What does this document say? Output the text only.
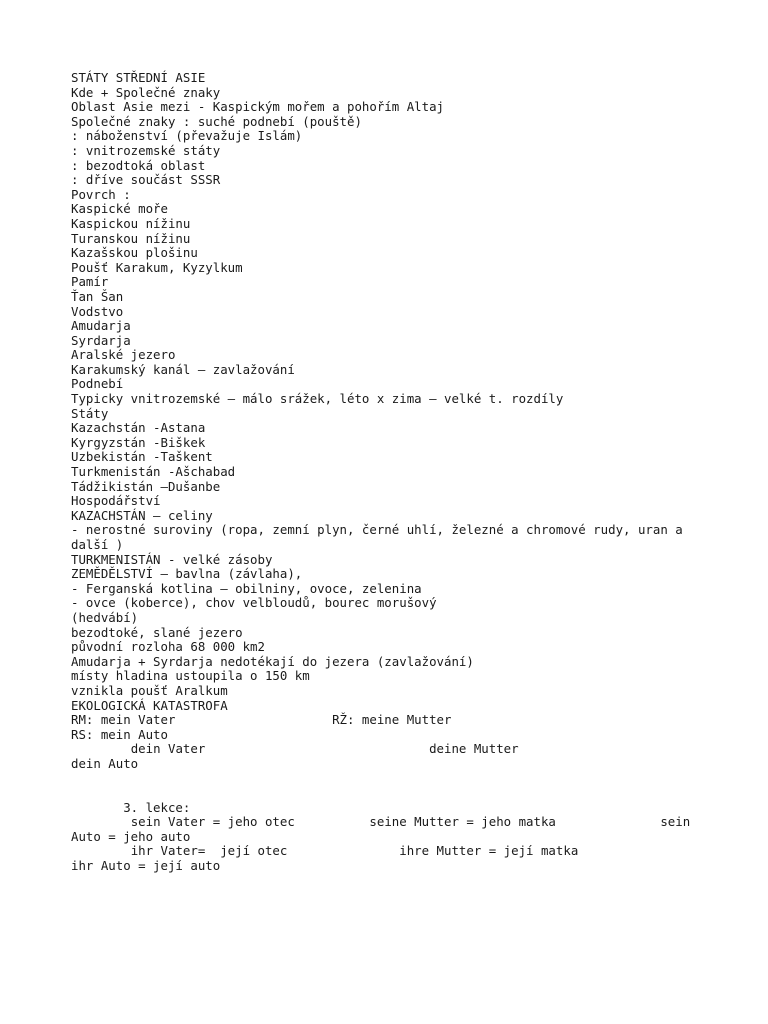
STÁTY STŘEDNÍ ASIE
Kde + Společné znaky
Oblast Asie mezi - Kaspickým mořem a pohořím Altaj
Společné znaky : suché podnebí (pouště)
: náboženství (převažuje Islám)
: vnitrozemské státy
: bezodtoká oblast
: dříve součást SSSR
Povrch :
Kaspické moře
Kaspickou nížinu
Turanskou nížinu
Kazašskou plošinu
Poušť Karakum, Kyzylkum
Pamír
Ťan Šan
Vodstvo
Amudarja
Syrdarja
Aralské jezero
Karakumský kanál – zavlažování
Podnebí
Typicky vnitrozemské – málo srážek, léto x zima – velké t. rozdíly
Státy
Kazachstán -Astana
Kyrgyzstán -Biškek
Uzbekistán -Taškent
Turkmenistán -Ašchabad
Tádžikistán –Dušanbe
Hospodářství
KAZACHSTÁN – celiny
- nerostné suroviny (ropa, zemní plyn, černé uhlí, železné a chromové rudy, uran a
další )
TURKMENISTÁN - velké zásoby
ZEMĚDĚLSTVÍ – bavlna (závlaha),
- Ferganská kotlina – obilniny, ovoce, zelenina
- ovce (koberce), chov velbloudů, bourec morušový
(hedvábí)
bezodtoké, slané jezero
původní rozloha 68 000 km2
Amudarja + Syrdarja nedotékají do jezera (zavlažování)
místy hladina ustoupila o 150 km
vznikla poušť Aralkum
EKOLOGICKÁ KATASTROFA
RM: mein Vater                     RŽ: meine Mutter
RS: mein Auto
dein Vater                              deine Mutter
dein Auto
3. lekce:
sein Vater = jeho otec          seine Mutter = jeho matka              sein
Auto = jeho auto
ihr Vater=  její otec               ihre Mutter = její matka
ihr Auto = její auto
